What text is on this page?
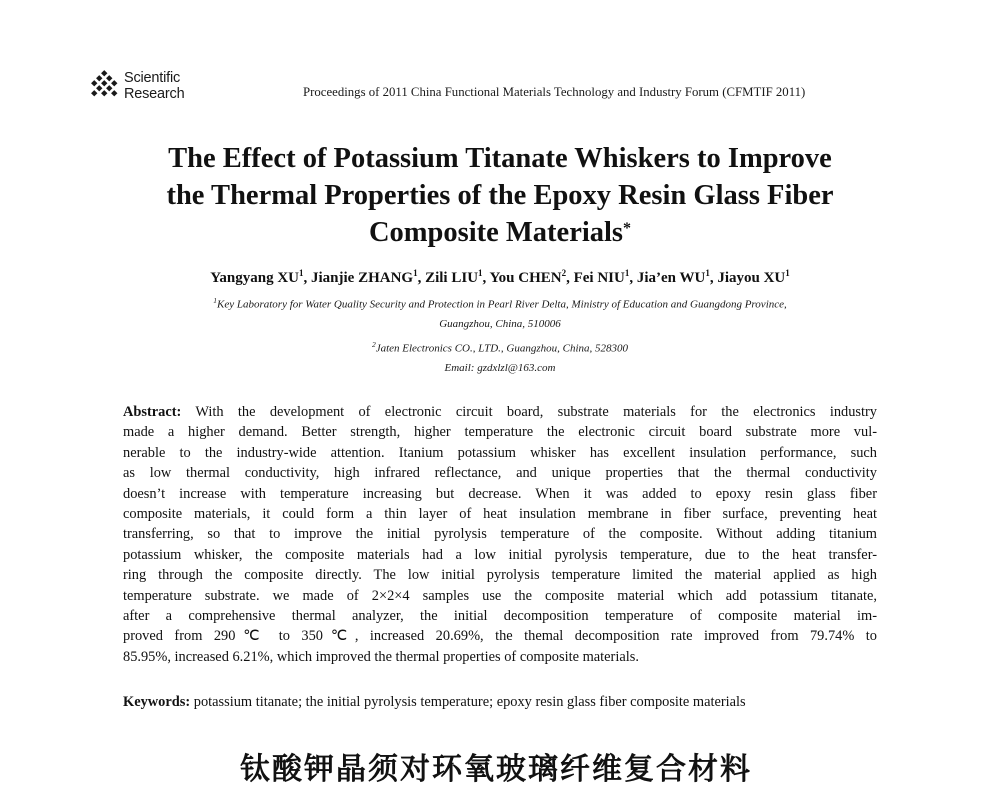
Scientific
Research	Proceedings of 2011 China Functional Materials Technology and Industry Forum (CFMTIF 2011)
The Effect of Potassium Titanate Whiskers to Improve
the Thermal Properties of the Epoxy Resin Glass Fiber
Composite Materials*
Yangyang $XU^1$, Jianjie ZHANG$^1$, Zili LIU$^1$, You CHEN$^2$, Fei NIU$^1$, Jia’en $WU^1$, Jiayou $XU^1$
$^1$Key Laboratory for Water Quality Security and Protection in Pearl River Delta, Ministry of Education and Guangdong Province,
Guangzhou, China, 510006
$^2$Jaten Electronics CO., LTD., Guangzhou, China, 528300
Email: gzdxlzl@163.com
Abstract: With the development of electronic circuit board, substrate materials for the electronics industry
made a higher demand. Better strength, higher temperature the electronic circuit board substrate more vul-
nerable to the industry-wide attention. Itanium potassium whisker has excellent insulation performance, such
as low thermal conductivity, high infrared reflectance, and unique properties that the thermal conductivity
doesn’t increase with temperature increasing but decrease. When it was added to epoxy resin glass fiber
composite materials, it could form a thin layer of heat insulation membrane in fiber surface, preventing heat
transferring, so that to improve the initial pyrolysis temperature of the composite. Without adding titanium
potassium whisker, the composite materials had a low initial pyrolysis temperature, due to the heat transfer-
ring through the composite directly. The low initial pyrolysis temperature limited the material applied as high
temperature substrate. we made of 2×2×4 samples use the composite material which add potassium titanate,
after a comprehensive thermal analyzer, the initial decomposition temperature of composite material im-
proved from 290℃ to 350℃, increased 20.69%, the themal decomposition rate improved from 79.74% to
85.95%, increased 6.21%, which improved the thermal properties of composite materials.
Keywords: potassium titanate; the initial pyrolysis temperature; epoxy resin glass fiber composite materials
钛酸钾晶须对环氧玻璃纤维复合材料
